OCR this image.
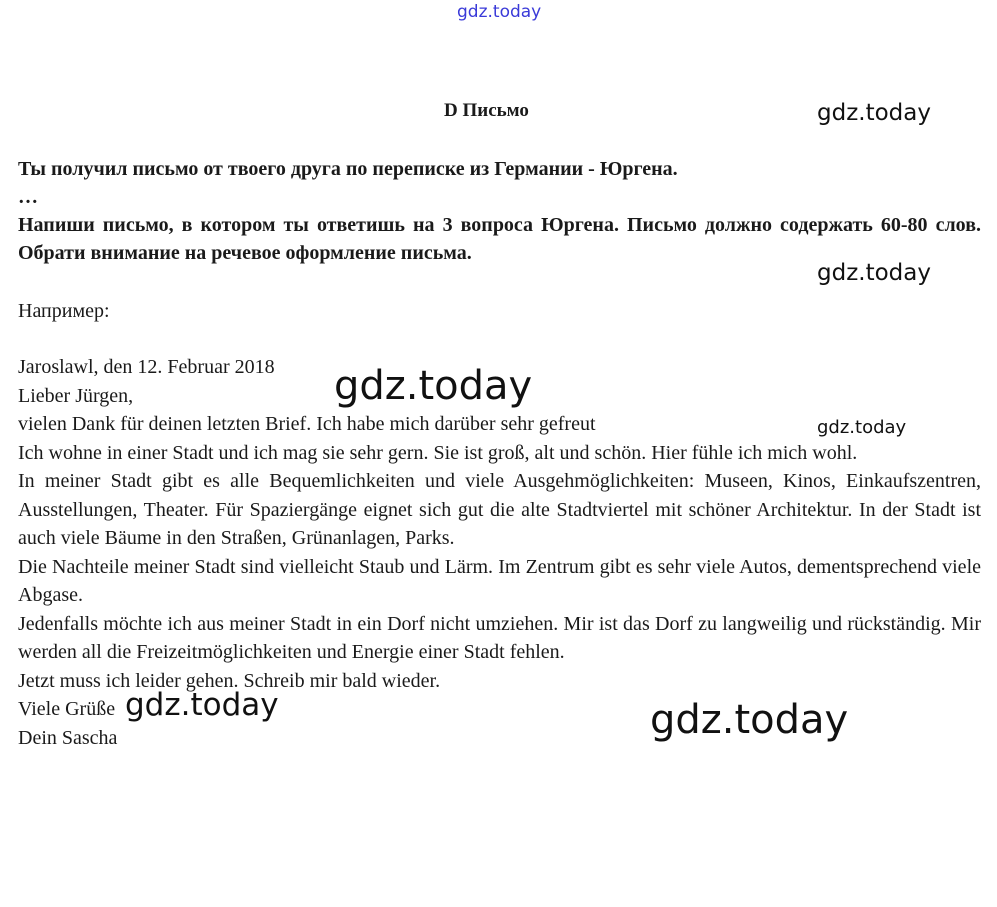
gdz.today
D Письмо
Ты получил письмо от твоего друга по переписке из Германии - Юргена.
…
Напиши письмо, в котором ты ответишь на 3 вопроса Юргена. Письмо должно содержать 60-80 слов. Обрати внимание на речевое оформление письма.
Например:

Jaroslawl, den 12. Februar 2018

Lieber Jürgen,

vielen Dank für deinen letzten Brief. Ich habe mich darüber sehr gefreut

Ich wohne in einer Stadt und ich mag sie sehr gern. Sie ist groß, alt und schön. Hier fühle ich mich wohl.

In meiner Stadt gibt es alle Bequemlichkeiten und viele Ausgehmöglichkeiten: Museen, Kinos, Einkaufszentren, Ausstellungen, Theater. Für Spaziergänge eignet sich gut die alte Stadtviertel mit schöner Architektur. In der Stadt ist auch viele Bäume in den Straßen, Grünanlagen, Parks.

Die Nachteile meiner Stadt sind vielleicht Staub und Lärm. Im Zentrum gibt es sehr viele Autos, dementsprechend viele Abgase.

Jedenfalls möchte ich aus meiner Stadt in ein Dorf nicht umziehen. Mir ist das Dorf zu langweilig und rückständig. Mir werden all die Freizeitmöglichkeiten und Energie einer Stadt fehlen.

Jetzt muss ich leider gehen. Schreib mir bald wieder.

Viele Grüße

Dein Sascha

gdz.today
gdz.today
gdz.today
gdz.today
gdz.today	gdz.today
